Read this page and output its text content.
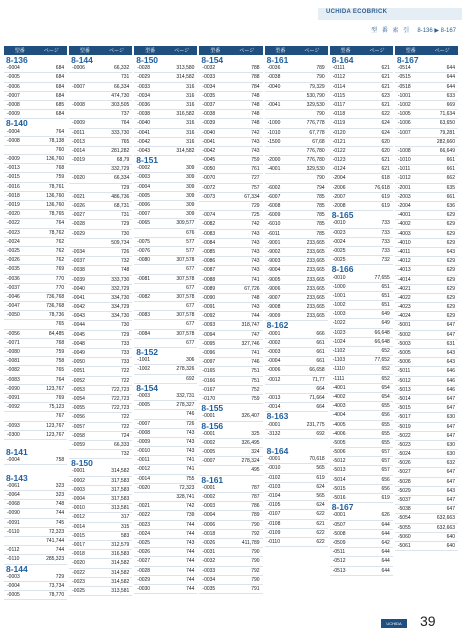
UCHIDA ECOBRICK
型 番 索 引 8-136 ▶ 8-167
型番	ページ
8-136
-0004	684
-0005	684
-0006	684
-0007	684
-0008	685
-0009	684
8-140
-0004	764
-0008	78,138
760
-0009	136,760
-0013	768
-0015	759
-0016	78,761
-0018	136,760
-0019	136,760
-0020	78,765
-0022	764
-0023	78,762
-0024	762
-0025	762
-0026	762
-0035	769
-0036	770
-0037	770
-0046	736,768
-0047	736,768
-0050	78,736
765
-0056	84,485
-0071	768
-0080	759
-0081	758
-0082	765
-0083	764
-0090	123,767
-0091	769
-0092	75,123
767
-0093	123,767
-0300	123,767
8-141
-0004	758
8-143
-0061	323
-0064	323
-0068	748
-0090	744
-0091	745
-0110	72,323
741,744
-0112	744
-0110	285,323
8-144
-0003	729
-0004	73,734
-0005	78,770
型番	ページ
8-144
-0006	66,332
731
-0007	66,334
474,730
-0008	303,505
737
-0009	764
-0011	333,730
-0013	765
-0014	281,282
-0019	68,79
332,729
-0020	66,334
729
-0021	486,736
-0026	68,731
-0027	731
-0028	729
-0029	730
509,734
-0034	726
-0037	732
-0038	748
-0039	333,730
-0040	332,729
-0041	334,730
-0042	334,729
-0043	334,730
-0044	730
-0045	729
-0048	733
-0049	733
-0050	733
-0051	722
-0052	722
-0053	722,723
-0054	722,723
-0055	722,723
-0056	722
-0057	722
-0058	724
-0059	66,333
732
8-150
-0001	314,582
-0002	317,583
-0003	317,583
-0004	317,583
-0010	313,581
-0012	317
-0014	315
-0015	583
-0017	312,579
-0018	316,583
-0020	314,582
-0022	314,582
-0023	314,582
-0025	313,581
型番	ページ
8-150
-0028	313,580
-0029	314,582
-0033	316
-0034	316
-0036	316
-0038	316,582
-0040	316
-0041	316
-0042	316
-0043	314,582
8-151
-0002	309
-0003	309
-0004	309
-0005	309
-0006	309
-0007	309
-0065	309,577
676
-0075	577
-0076	577
-0080	307,578
677
-0081	307,578
677
-0082	307,578
677
-0083	307,578
677
-0084	307,578
677
8-152
-1001	306
-1002	278,326
692
8-154
-0003	332,731
-0005	278,327
746
-0007	726
-0008	743
-0009	743
-0010	743
-0011	741
-0012	741
-0014	755
-0020	72,323
328,741
-0021	742
-0022	739
-0023	744
-0024	744
-0025	743
-0026	744
-0027	744
-0028	744
-0029	744
-0030	744
型番	ページ
8-154
-0032	788
-0033	788
-0034	784
-0035	748
-0037	748
-0038	748
-0039	748
-0040	742
-0041	743
-0042	743
-0045	759
-0050	761
-0070	727
-0072	757
-0073	67,334
729
-0074	725
-0082	742
-0083	743
-0084	743
-0085	743
-0086	743
-0087	743
-0088	741
-0089	67,726
-0090	748
-0091	743
-0092	744
-0093	318,747
-0094	747
-0095	327,746
-0096	741
-0097	746
-0165	751
-0166	751
-0167	752
-0170	759
8-155
-0001	326,407
8-156
-0001	325
-0002	326,495
-0005	324
-0007	278,324
495
8-161
-0001	787
-0002	787
-0003	786
-0004	789
-0006	790
-0018	792
-0026	411,789
-0031	790
-0032	790
-0033	792
-0034	790
-0035	791
型番	ページ
8-161
-0036	789
-0038	790
-0040	79,329
530,790
-0041	329,530
790
-1000	776,778
-1010	67,778
-1500	67,68
776,780
-2000	776,780
-4001	329,530
790
-6002	794
-6007	785
-6008	785
-6009	785
-6010	785
-6011	785
-9001	233,665
-9002	233,665
-9003	233,665
-9004	233,665
-9005	233,665
-9006	233,665
-9007	233,665
-9008	233,665
-9009	233,665
8-162
-0001	666
-0002	661
-0003	661
-0004	661
-0006	66,658
-0012	71,77
664
-0013	71,664
-0014	664
8-163
-0001	231,775
-3132	692
8-164
-0001	70,618
-0010	565
-0102	619
-0103	624
-0104	565
-0105	624
-0107	622
-0108	621
-0109	622
-0110	622
型番	ページ
8-164
-0111	621
-0112	621
-0114	621
-0115	623
-0117	621
-0118	622
-0119	624
-0120	624
-0121	620
-0122	620
-0123	621
-0124	621
-2004	618
-2006	76,618
-2007	619
-2008	619
8-165
-0010	733
-0023	733
-0024	733
-0025	733
-0025	732
8-166
-0010	77,655
-1000	651
-1001	651
-1002	651
-1003	649
-1022	649
-1023	66,648
-1024	66,648
-1102	652
-1103	77,652
-1110	652
-1111	652
-4001	654
-4002	654
-4003	655
-4004	656
-4005	655
-4006	655
-5005	655
-5006	657
-5012	657
-5013	657
-5014	656
-5015	656
-5016	619
8-167
-0001	626
-0507	644
-5008	644
-0509	642
-0511	644
-0512	644
-0513	644
型番	ページ
8-167
-0514	644
-0515	644
-0518	644
-1001	633
-1002	669
-1005	71,634
-1006	63,650
-1007	79,281
282,660
-1008	66,649
-1010	661
-1011	661
-1012	662
-2001	635
-2003	661
-2004	636
-4001	629
-4002	629
-4003	629
-4010	629
-4011	643
-4012	629
-4013	629
-4014	629
-4021	629
-4022	629
-4023	629
-4024	629
-5001	647
-5002	647
-5003	631
-5005	643
-5006	643
-5011	646
-5012	646
-5013	646
-5014	647
-5015	647
-5017	630
-5019	647
-5022	647
-5023	630
-5024	630
-5026	632
-5027	647
-5028	647
-5029	643
-5037	647
-5038	647
-5054	632,663
-5055	632,663
-5060	640
-5061	640
UCHIDA	39
